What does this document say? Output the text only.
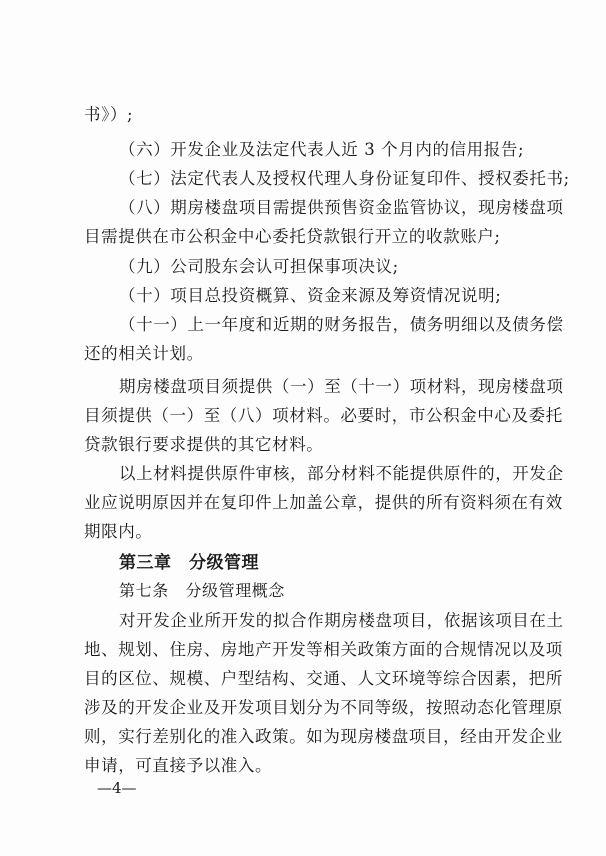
书》）;
（六）开发企业及法定代表人近 3 个月内的信用报告;
（七）法定代表人及授权代理人身份证复印件、授权委托书;
（八）期房楼盘项目需提供预售资金监管协议，现房楼盘项
目需提供在市公积金中心委托贷款银行开立的收款账户;
（九）公司股东会认可担保事项决议;
（十）项目总投资概算、资金来源及筹资情况说明;
（十一）上一年度和近期的财务报告，债务明细以及债务偿
还的相关计划。
期房楼盘项目须提供（一）至（十一）项材料，现房楼盘项
目须提供（一）至（八）项材料。必要时，市公积金中心及委托
贷款银行要求提供的其它材料。
以上材料提供原件审核，部分材料不能提供原件的，开发企
业应说明原因并在复印件上加盖公章，提供的所有资料须在有效
期限内。
第三章　分级管理
第七条　分级管理概念
对开发企业所开发的拟合作期房楼盘项目，依据该项目在土
地、规划、住房、房地产开发等相关政策方面的合规情况以及项
目的区位、规模、户型结构、交通、人文环境等综合因素，把所
涉及的开发企业及开发项目划分为不同等级，按照动态化管理原
则，实行差别化的准入政策。如为现房楼盘项目，经由开发企业
申请，可直接予以准入。
—4—
